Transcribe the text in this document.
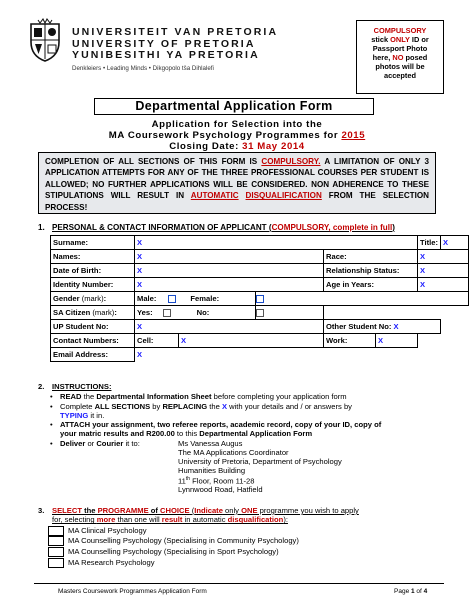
UNIVERSITEIT VAN PRETORIA
UNIVERSITY OF PRETORIA
YUNIBESITHI YA PRETORIA
Denkleiers • Leading Minds • Dikgopolo tša Dihlalefi
COMPULSORY
stick ONLY ID or
Passport Photo
here, NO posed
photos will be
accepted
Departmental Application Form
Application for Selection into the
MA Coursework Psychology Programmes for 2015
Closing Date: 31 May 2014
COMPLETION OF ALL SECTIONS OF THIS FORM IS COMPULSORY. A LIMITATION OF ONLY 3 APPLICATION ATTEMPTS FOR ANY OF THE THREE PROFESSIONAL COURSES PER STUDENT IS ALLOWED; NO FURTHER APPLICATIONS WILL BE CONSIDERED. NON ADHERENCE TO THESE STIPULATIONS WILL RESULT IN AUTOMATIC DISQUALIFICATION FROM THE SELECTION PROCESS!
1. PERSONAL & CONTACT INFORMATION OF APPLICANT (COMPULSORY, complete in full)
Surname:	X					Title:	X
Names:	X			Race:		X	
Date of Birth:	X			Relationship Status:		X	
Identity Number:	X			Age in Years:		X	
Gender (mark):	Male: Female:						
SA Citizen (mark):	Yes: No:						
UP Student No:	X			Other Student No: X			
Contact Numbers:	Cell:	X		Work:	X		
Email Address:	X						
2. INSTRUCTIONS:
• READ the Departmental Information Sheet before completing your application form
• Complete ALL SECTIONS by REPLACING the X with your details and / or answers by
TYPING it in.
• ATTACH your assignment, two referee reports, academic record, copy of your ID, copy of
your matric results and R200.00 to this Departmental Application Form
• Deliver or Courier it to:	Ms Vanessa Augus
The MA Applications Coordinator
University of Pretoria, Department of Psychology
Humanities Building
11th Floor, Room 11-28
Lynnwood Road, Hatfield
3. SELECT the PROGRAMME of CHOICE (Indicate only ONE programme you wish to apply
for, selecting more than one will result in automatic disqualification):
MA Clinical Psychology
MA Counselling Psychology (Specialising in Community Psychology)
MA Counselling Psychology (Specialising in Sport Psychology)
MA Research Psychology
Masters Coursework Programmes Application Form	Page 1 of 4
